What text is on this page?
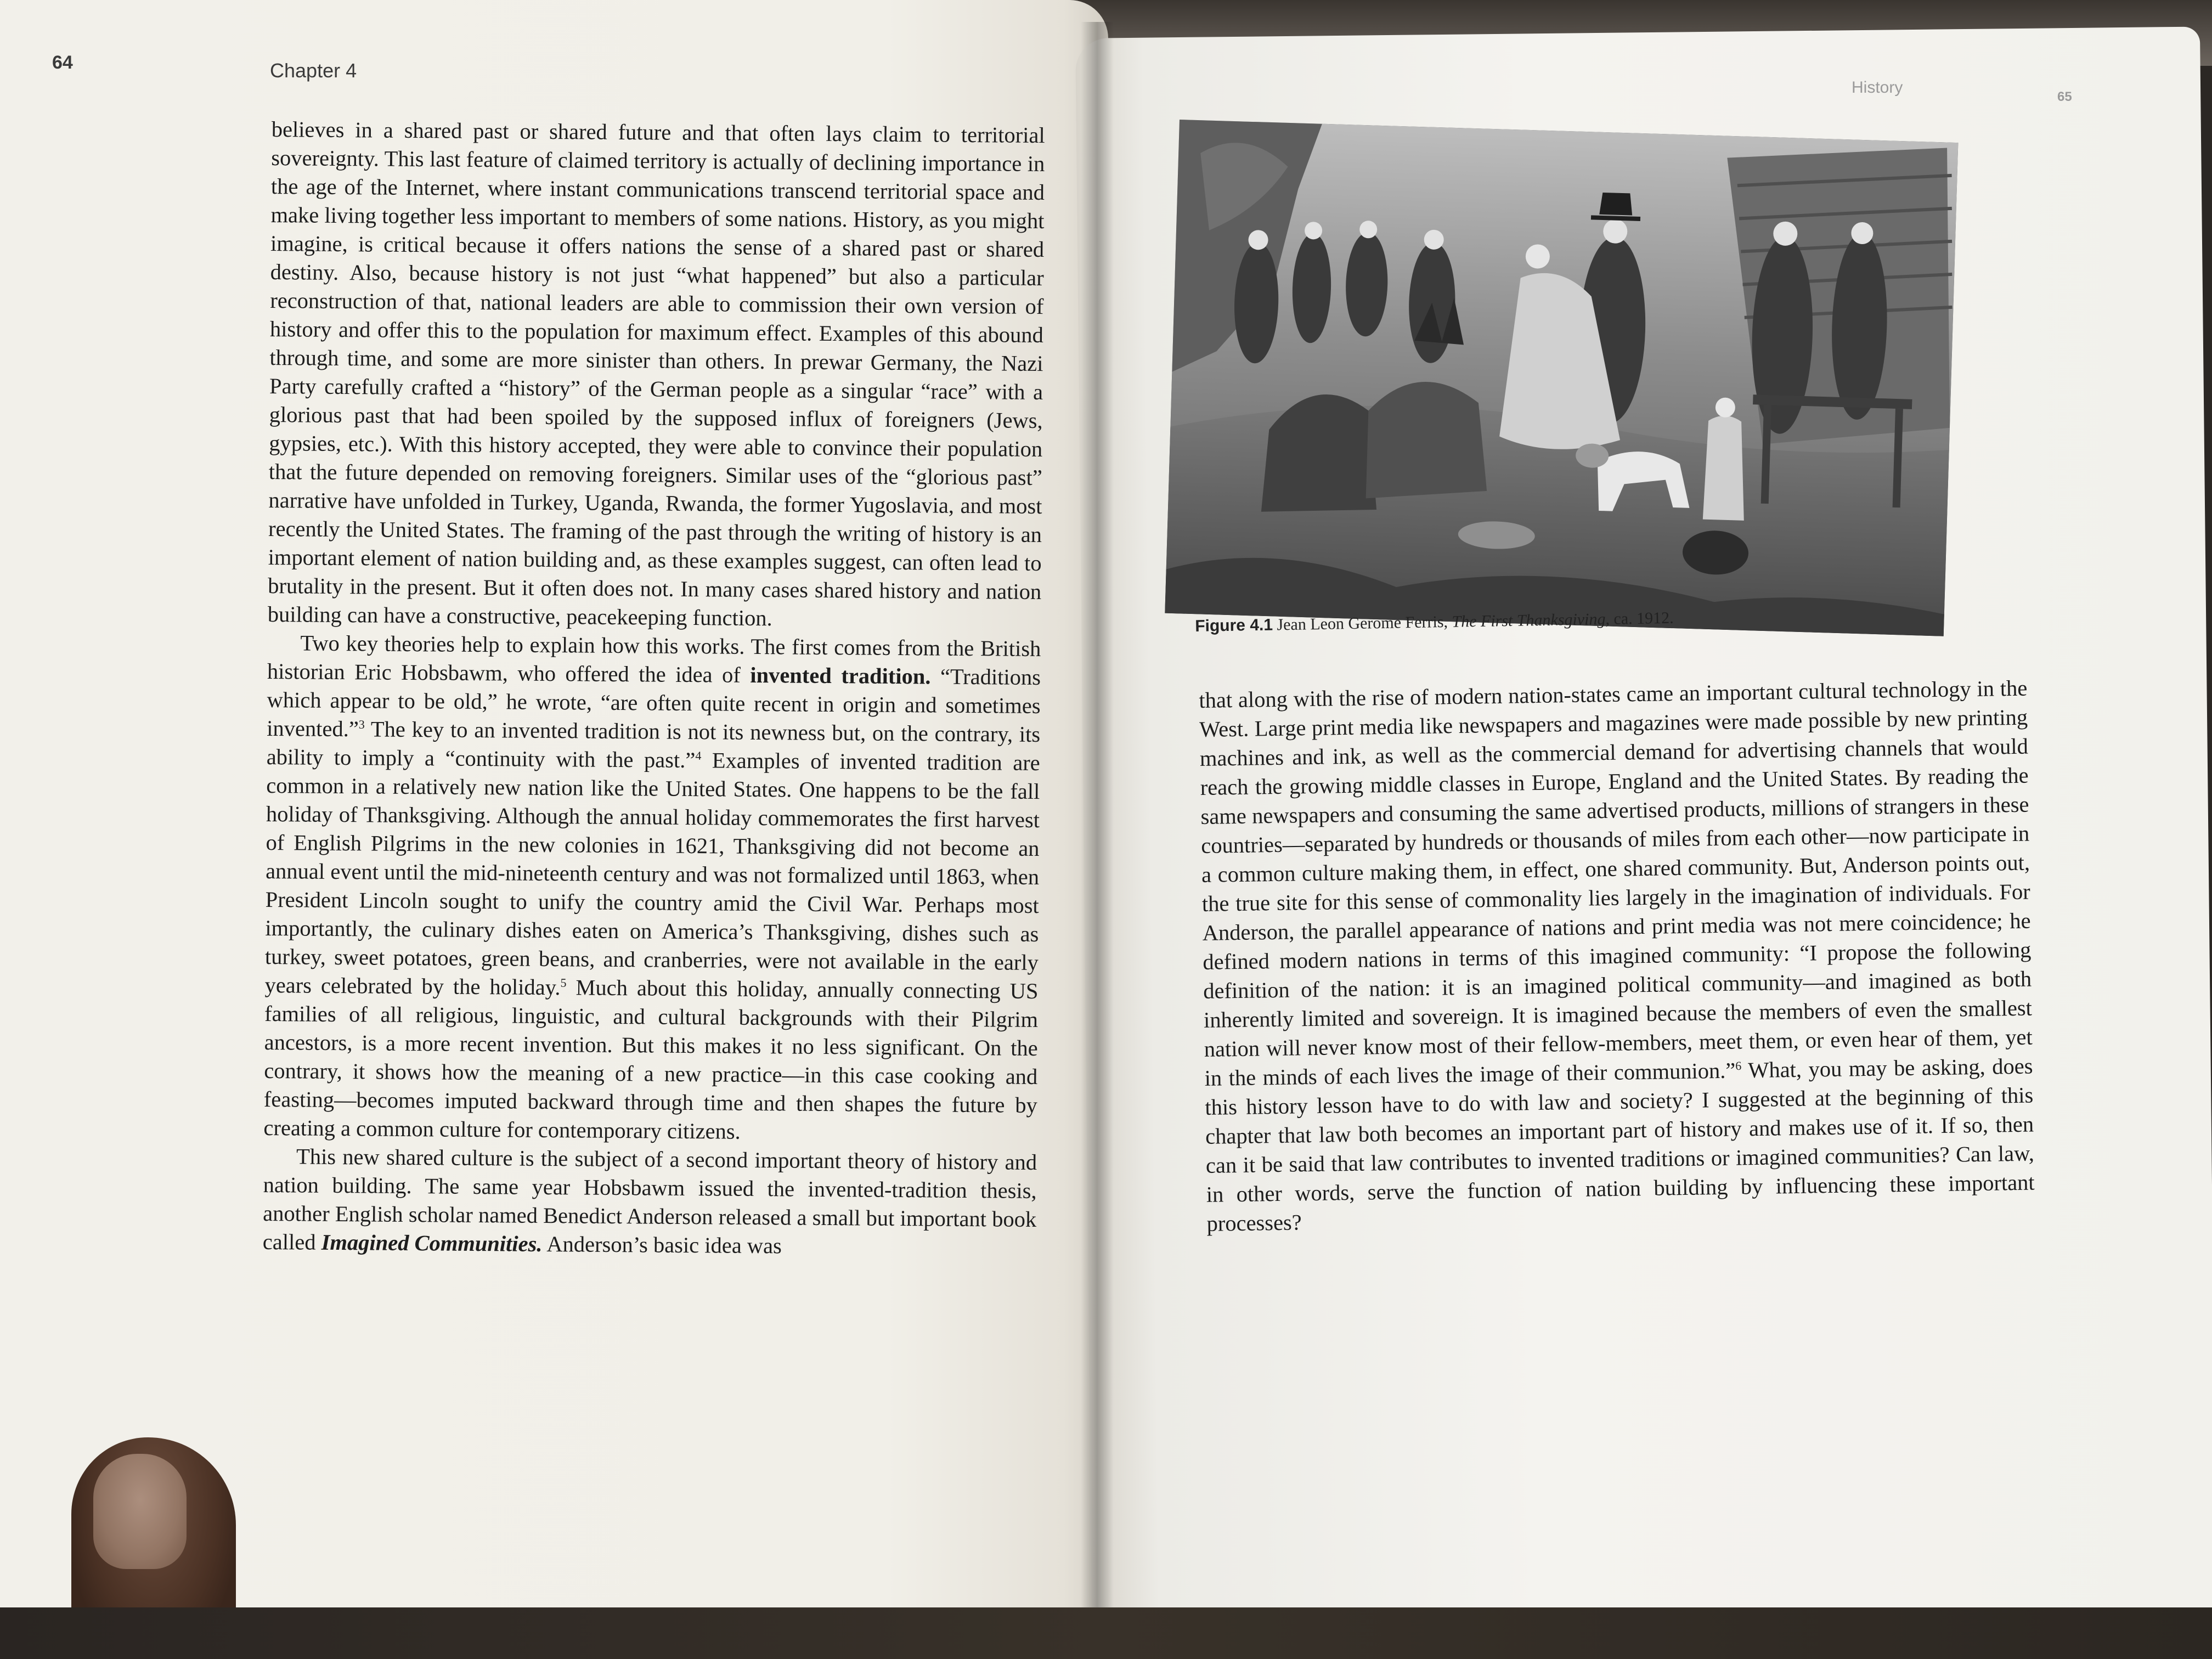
64	Chapter 4
History
65

believes in a shared past or shared future and that often lays claim to territorial sovereignty. This last feature of claimed territory is actually of declining importance in the age of the Internet, where instant communications transcend territorial space and make living together less important to members of some nations. History, as you might imagine, is critical because it offers nations the sense of a shared past or shared destiny. Also, because history is not just “what happened” but also a particular reconstruction of that, national leaders are able to commission their own version of history and offer this to the population for maximum effect. Examples of this abound through time, and some are more sinister than others. In prewar Germany, the Nazi Party carefully crafted a “history” of the German people as a singular “race” with a glorious past that had been spoiled by the supposed influx of foreigners (Jews, gypsies, etc.). With this history accepted, they were able to convince their population that the future depended on removing foreigners. Similar uses of the “glorious past” narrative have unfolded in Turkey, Uganda, Rwanda, the former Yugoslavia, and most recently the United States. The framing of the past through the writing of history is an important element of nation building and, as these examples suggest, can often lead to brutality in the present. But it often does not. In many cases shared history and nation building can have a constructive, peacekeeping function.

Two key theories help to explain how this works. The first comes from the British historian Eric Hobsbawm, who offered the idea of invented tradition. “Traditions which appear to be old,” he wrote, “are often quite recent in origin and sometimes invented.”$^3$ The key to an invented tradition is not its newness but, on the contrary, its ability to imply a “continuity with the past.”$^4$ Examples of invented tradition are common in a relatively new nation like the United States. One happens to be the fall holiday of Thanksgiving. Although the annual holiday commemorates the first harvest of English Pilgrims in the new colonies in 1621, Thanksgiving did not become an annual event until the mid-nineteenth century and was not formalized until 1863, when President Lincoln sought to unify the country amid the Civil War. Perhaps most importantly, the culinary dishes eaten on America’s Thanksgiving, dishes such as turkey, sweet potatoes, green beans, and cranberries, were not available in the early years celebrated by the holiday.$^5$ Much about this holiday, annually connecting US families of all religious, linguistic, and cultural backgrounds with their Pilgrim ancestors, is a more recent invention. But this makes it no less significant. On the contrary, it shows how the meaning of a new practice—in this case cooking and feasting—becomes imputed backward through time and then shapes the future by creating a common culture for contemporary citizens.

This new shared culture is the subject of a second important theory of history and nation building. The same year Hobsbawm issued the invented-tradition thesis, another English scholar named Benedict Anderson released a small but important book called Imagined Communities. Anderson’s basic idea was

Figure 4.1 Jean Leon Gerome Ferris, The First Thanksgiving, ca. 1912.

that along with the rise of modern nation-states came an important cultural technology in the West. Large print media like newspapers and magazines were made possible by new printing machines and ink, as well as the commercial demand for advertising channels that would reach the growing middle classes in Europe, England and the United States. By reading the same newspapers and consuming the same advertised products, millions of strangers in these countries—separated by hundreds or thousands of miles from each other—now participate in a common culture making them, in effect, one shared community. But, Anderson points out, the true site for this sense of commonality lies largely in the imagination of individuals. For Anderson, the parallel appearance of nations and print media was not mere coincidence; he defined modern nations in terms of this imagined community: “I propose the following definition of the nation: it is an imagined political community—and imagined as both inherently limited and sovereign. It is imagined because the members of even the smallest nation will never know most of their fellow-members, meet them, or even hear of them, yet in the minds of each lives the image of their communion.”$^6$ What, you may be asking, does this history lesson have to do with law and society? I suggested at the beginning of this chapter that law both becomes an important part of history and makes use of it. If so, then can it be said that law contributes to invented traditions or imagined communities? Can law, in other words, serve the function of nation building by influencing these important processes?
